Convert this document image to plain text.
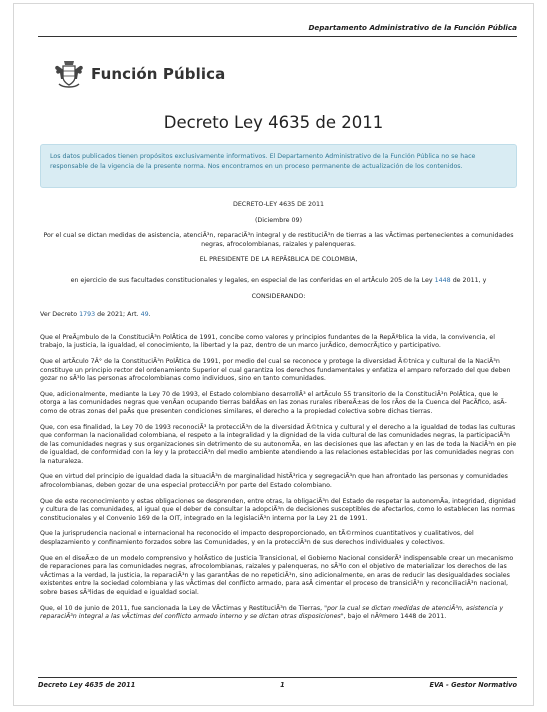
Departamento Administrativo de la Función Pública
Función Pública
Decreto Ley 4635 de 2011
Los datos publicados tienen propósitos exclusivamente informativos. El Departamento Administrativo de la Función Pública no se hace responsable de la vigencia de la presente norma. Nos encontramos en un proceso permanente de actualización de los contenidos.

DECRETO-LEY 4635 DE 2011

(Diciembre 09)

Por el cual se dictan medidas de asistencia, atenciÃ³n, reparaciÃ³n integral y de restituciÃ³n de tierras a las vÃctimas pertenecientes a comunidades negras, afrocolombianas, raizales y palenqueras.

EL PRESIDENTE DE LA REPÃšBLICA DE COLOMBIA,

en ejercicio de sus facultades constitucionales y legales, en especial de las conferidas en el artÃculo 205 de la Ley 1448 de 2011, y

CONSIDERANDO:

Ver Decreto 1793 de 2021; Art. 49.

Que el PreÃ¡mbulo de la ConstituciÃ³n PolÃtica de 1991, concibe como valores y principios fundantes de la RepÃºblica la vida, la convivencia, el trabajo, la justicia, la igualdad, el conocimiento, la libertad y la paz, dentro de un marco jurÃdico, democrÃ¡tico y participativo.

Que el artÃculo 7Â° de la ConstituciÃ³n PolÃtica de 1991, por medio del cual se reconoce y protege la diversidad Ã©tnica y cultural de la NaciÃ³n constituye un principio rector del ordenamiento Superior el cual garantiza los derechos fundamentales y enfatiza el amparo reforzado del que deben gozar no sÃ³lo las personas afrocolombianas como individuos, sino en tanto comunidades.

Que, adicionalmente, mediante la Ley 70 de 1993, el Estado colombiano desarrollÃ³ el artÃculo 55 transitorio de la ConstituciÃ³n PolÃtica, que le otorga a las comunidades negras que venÃan ocupando tierras baldÃas en las zonas rurales ribereÃ±as de los rÃos de la Cuenca del PacÃfico, asÃ como de otras zonas del paÃs que presenten condiciones similares, el derecho a la propiedad colectiva sobre dichas tierras.

Que, con esa finalidad, la Ley 70 de 1993 reconociÃ³ la protecciÃ³n de la diversidad Ã©tnica y cultural y el derecho a la igualdad de todas las culturas que conforman la nacionalidad colombiana, el respeto a la integralidad y la dignidad de la vida cultural de las comunidades negras, la participaciÃ³n de las comunidades negras y sus organizaciones sin detrimento de su autonomÃa, en las decisiones que las afectan y en las de toda la NaciÃ³n en pie de igualdad, de conformidad con la ley y la protecciÃ³n del medio ambiente atendiendo a las relaciones establecidas por las comunidades negras con la naturaleza.

Que en virtud del principio de igualdad dada la situaciÃ³n de marginalidad histÃ³rica y segregaciÃ³n que han afrontado las personas y comunidades afrocolombianas, deben gozar de una especial protecciÃ³n por parte del Estado colombiano.

Que de este reconocimiento y estas obligaciones se desprenden, entre otras, la obligaciÃ³n del Estado de respetar la autonomÃa, integridad, dignidad y cultura de las comunidades, al igual que el deber de consultar la adopciÃ³n de decisiones susceptibles de afectarlos, como lo establecen las normas constitucionales y el Convenio 169 de la OIT, integrado en la legislaciÃ³n interna por la Ley 21 de 1991.

Que la jurisprudencia nacional e internacional ha reconocido el impacto desproporcionado, en tÃ©rminos cuantitativos y cualitativos, del desplazamiento y confinamiento forzados sobre las Comunidades, y en la protecciÃ³n de sus derechos individuales y colectivos.

Que en el diseÃ±o de un modelo comprensivo y holÃstico de Justicia Transicional, el Gobierno Nacional considerÃ³ indispensable crear un mecanismo de reparaciones para las comunidades negras, afrocolombianas, raizales y palenqueras, no sÃ³lo con el objetivo de materializar los derechos de las vÃctimas a la verdad, la justicia, la reparaciÃ³n y las garantÃas de no repeticiÃ³n, sino adicionalmente, en aras de reducir las desigualdades sociales existentes entre la sociedad colombiana y las vÃctimas del conflicto armado, para asÃ cimentar el proceso de transiciÃ³n y reconciliaciÃ³n nacional, sobre bases sÃ³lidas de equidad e igualdad social.

Que, el 10 de junio de 2011, fue sancionada la Ley de VÃctimas y RestituciÃ³n de Tierras, "por la cual se dictan medidas de atenciÃ³n, asistencia y reparaciÃ³n integral a las vÃctimas del conflicto armado interno y se dictan otras disposiciones", bajo el nÃºmero 1448 de 2011.

Decreto Ley 4635 de 2011	1	EVA - Gestor Normativo
